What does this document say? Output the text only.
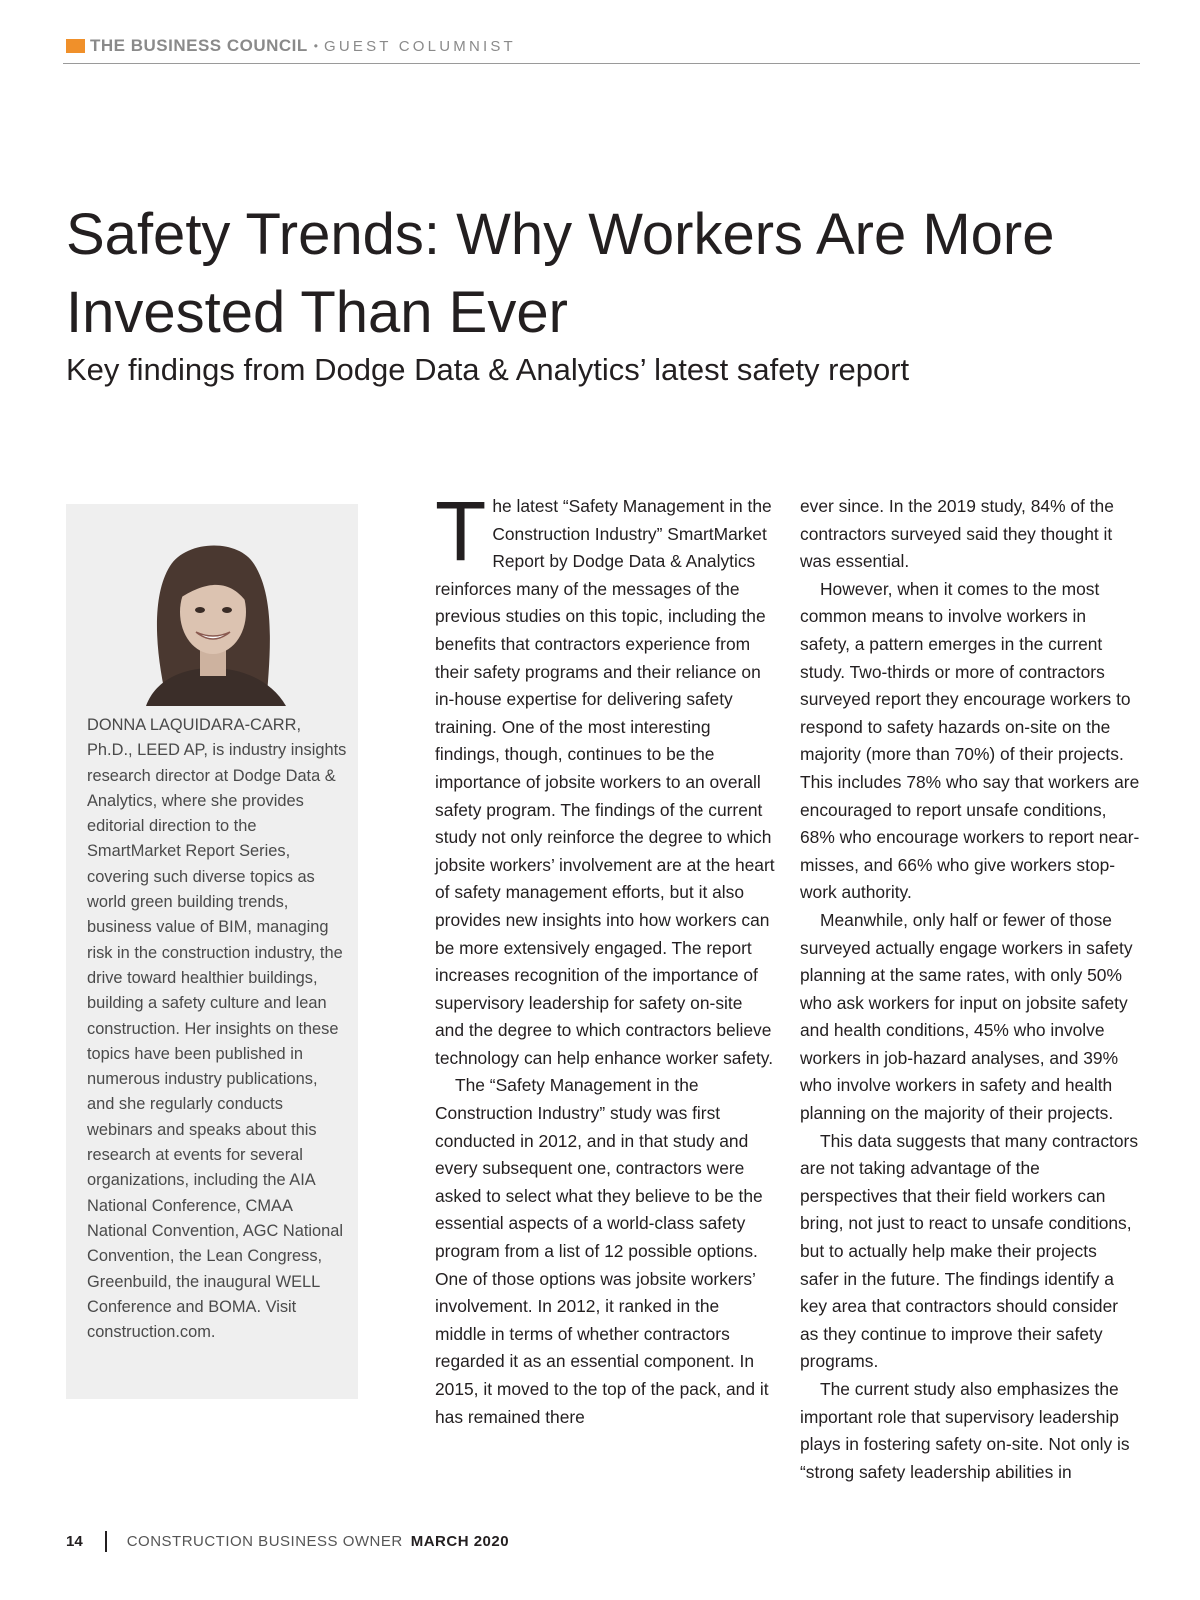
THE BUSINESS COUNCIL • GUEST COLUMNIST
Safety Trends: Why Workers Are More Invested Than Ever
Key findings from Dodge Data & Analytics’ latest safety report

DONNA LAQUIDARA-CARR, Ph.D., LEED AP, is industry insights research director at Dodge Data & Analytics, where she provides editorial direction to the SmartMarket Report Series, covering such diverse topics as world green building trends, business value of BIM, managing risk in the construction industry, the drive toward healthier buildings, building a safety culture and lean construction. Her insights on these topics have been published in numerous industry publications, and she regularly conducts webinars and speaks about this research at events for several organizations, including the AIA National Conference, CMAA National Convention, AGC National Convention, the Lean Congress, Greenbuild, the inaugural WELL Conference and BOMA. Visit construction.com.

T he latest “Safety Management in the Construction Industry” SmartMarket Report by Dodge Data & Analytics reinforces many of the messages of the previous studies on this topic, including the benefits that contractors experience from their safety programs and their reliance on in-house expertise for delivering safety training. One of the most interesting findings, though, continues to be the importance of jobsite workers to an overall safety program. The findings of the current study not only reinforce the degree to which jobsite workers’ involvement are at the heart of safety management efforts, but it also provides new insights into how workers can be more extensively engaged. The report increases recognition of the importance of supervisory leadership for safety on-site and the degree to which contractors believe technology can help enhance worker safety.

The “Safety Management in the Construction Industry” study was first conducted in 2012, and in that study and every subsequent one, contractors were asked to select what they believe to be the essential aspects of a world-class safety program from a list of 12 possible options. One of those options was jobsite workers’ involvement. In 2012, it ranked in the middle in terms of whether contractors regarded it as an essential component. In 2015, it moved to the top of the pack, and it has remained there

ever since. In the 2019 study, 84% of the contractors surveyed said they thought it was essential.

However, when it comes to the most common means to involve workers in safety, a pattern emerges in the current study. Two-thirds or more of contractors surveyed report they encourage workers to respond to safety hazards on-site on the majority (more than 70%) of their projects. This includes 78% who say that workers are encouraged to report unsafe conditions, 68% who encourage workers to report near-misses, and 66% who give workers stop-work authority.

Meanwhile, only half or fewer of those surveyed actually engage workers in safety planning at the same rates, with only 50% who ask workers for input on jobsite safety and health conditions, 45% who involve workers in job-hazard analyses, and 39% who involve workers in safety and health planning on the majority of their projects.

This data suggests that many contractors are not taking advantage of the perspectives that their field workers can bring, not just to react to unsafe conditions, but to actually help make their projects safer in the future. The findings identify a key area that contractors should consider as they continue to improve their safety programs.

The current study also emphasizes the important role that supervisory leadership plays in fostering safety on-site. Not only is “strong safety leadership abilities in

14	CONSTRUCTION BUSINESS OWNER MARCH 2020
